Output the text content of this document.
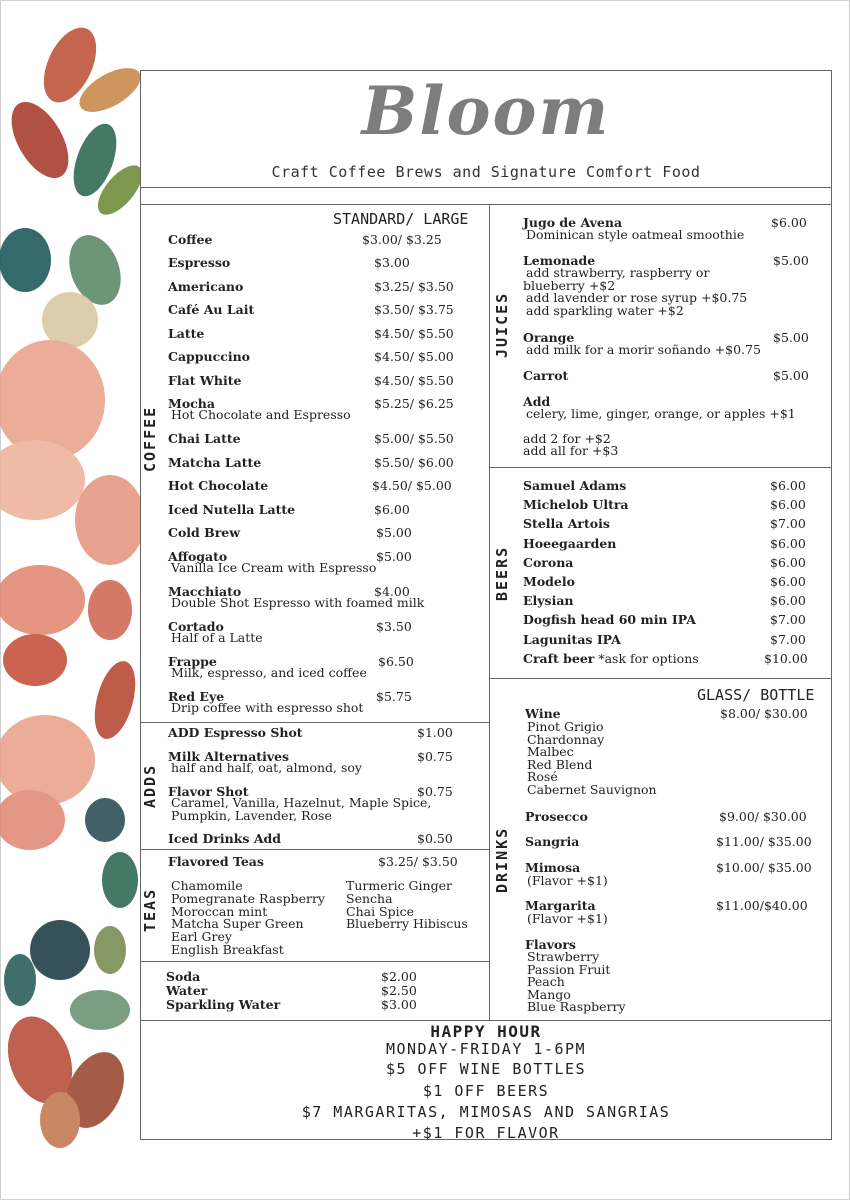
Bloom
Craft Coffee Brews and Signature Comfort Food
COFFEE
ADDS
TEAS
JUICES
BEERS
DRINKS
STANDARD/ LARGE
Coffee	$3.00/ $3.25
Espresso	$3.00
Americano	$3.25/ $3.50
Café Au Lait	$3.50/ $3.75
Latte	$4.50/ $5.50
Cappuccino	$4.50/ $5.00
Flat White	$4.50/ $5.50
Mocha	$5.25/ $6.25
Hot Chocolate and Espresso
Chai Latte	$5.00/ $5.50
Matcha Latte	$5.50/ $6.00
Hot Chocolate	$4.50/ $5.00
Iced Nutella Latte	$6.00
Cold Brew	$5.00
Affogato	$5.00
Vanilla Ice Cream with Espresso
Macchiato	$4.00
Double Shot Espresso with foamed milk
Cortado	$3.50
Half of a Latte
Frappe	$6.50
Milk, espresso, and iced coffee
Red Eye	$5.75
Drip coffee with espresso shot
ADD Espresso Shot	$1.00
Milk Alternatives	$0.75
half and half, oat, almond, soy
Flavor Shot	$0.75
Caramel, Vanilla, Hazelnut, Maple Spice,
Pumpkin, Lavender, Rose
Iced Drinks Add	$0.50
Flavored Teas	$3.25/ $3.50
Chamomile
Pomegranate Raspberry
Moroccan mint
Matcha Super Green
Earl Grey
English Breakfast
Turmeric Ginger
Sencha
Chai Spice
Blueberry Hibiscus
Soda	$2.00
Water	$2.50
Sparkling Water	$3.00
Jugo de Avena	$6.00
Dominican style oatmeal smoothie
Lemonade	$5.00
add strawberry, raspberry or
blueberry +$2
add lavender or rose syrup +$0.75
add sparkling water +$2
Orange	$5.00
add milk for a morir soñando +$0.75
Carrot	$5.00
Add
celery, lime, ginger, orange, or apples +$1
add 2 for +$2
add all for +$3
Samuel Adams	$6.00
Michelob Ultra	$6.00
Stella Artois	$7.00
Hoeegaarden	$6.00
Corona	$6.00
Modelo	$6.00
Elysian	$6.00
Dogfish head 60 min IPA	$7.00
Lagunitas IPA	$7.00
Craft beer *ask for options	$10.00
GLASS/ BOTTLE
Wine	$8.00/ $30.00
Pinot Grigio
Chardonnay
Malbec
Red Blend
Rosé
Cabernet Sauvignon
Prosecco	$9.00/ $30.00
Sangria	$11.00/ $35.00
Mimosa	$10.00/ $35.00
(Flavor +$1)
Margarita	$11.00/$40.00
(Flavor +$1)
Flavors
Strawberry
Passion Fruit
Peach
Mango
Blue Raspberry
HAPPY HOUR
MONDAY-FRIDAY 1-6PM
$5 OFF WINE BOTTLES
$1 OFF BEERS
$7 MARGARITAS, MIMOSAS AND SANGRIAS
+$1 FOR FLAVOR
